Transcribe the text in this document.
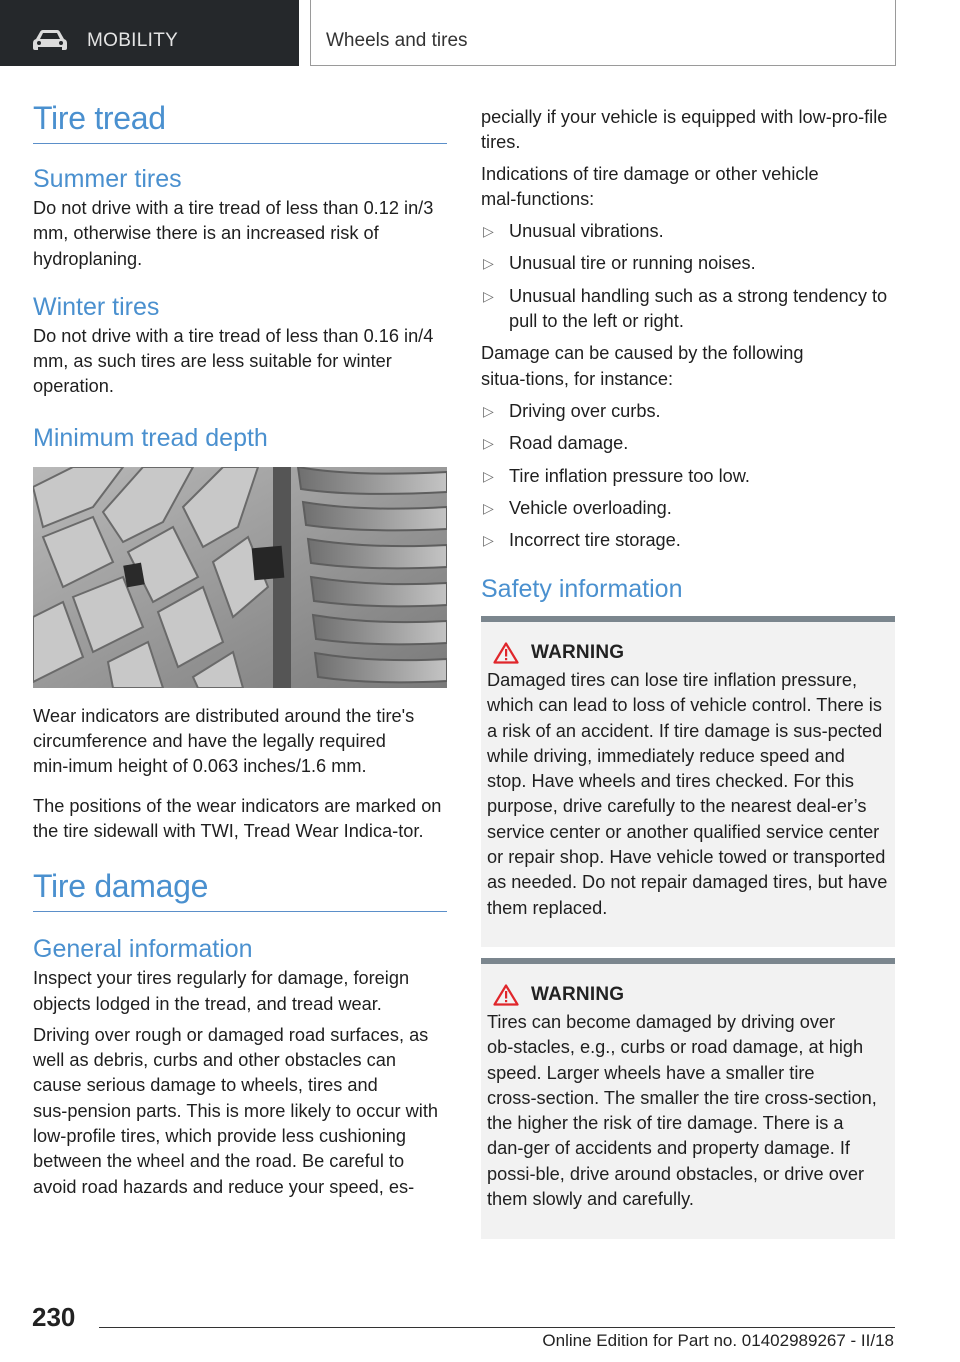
MOBILITY	Wheels and tires
Tire tread
Summer tires

Do not drive with a tire tread of less than 0.12 in/3 mm, otherwise there is an increased risk of hydroplaning.

Winter tires

Do not drive with a tire tread of less than 0.16 in/4 mm, as such tires are less suitable for winter operation.

Minimum tread depth

Wear indicators are distributed around the tire's circumference and have the legally required min‑imum height of 0.063 inches/1.6 mm.

The positions of the wear indicators are marked on the tire sidewall with TWI, Tread Wear Indica‑tor.

Tire damage
General information

Inspect your tires regularly for damage, foreign objects lodged in the tread, and tread wear.

Driving over rough or damaged road surfaces, as well as debris, curbs and other obstacles can cause serious damage to wheels, tires and sus‑pension parts. This is more likely to occur with low‑profile tires, which provide less cushioning between the wheel and the road. Be careful to avoid road hazards and reduce your speed, es‑

pecially if your vehicle is equipped with low‑pro‑file tires.

Indications of tire damage or other vehicle mal‑functions:

▷ Unusual vibrations.
▷ Unusual tire or running noises.
▷ Unusual handling such as a strong tendency to pull to the left or right.

Damage can be caused by the following situa‑tions, for instance:

▷ Driving over curbs.
▷ Road damage.
▷ Tire inflation pressure too low.
▷ Vehicle overloading.
▷ Incorrect tire storage.
Safety information
WARNING

Damaged tires can lose tire inflation pressure, which can lead to loss of vehicle control. There is a risk of an accident. If tire damage is sus‑pected while driving, immediately reduce speed and stop. Have wheels and tires checked. For this purpose, drive carefully to the nearest deal‑er’s service center or another qualified service center or repair shop. Have vehicle towed or transported as needed. Do not repair damaged tires, but have them replaced.

WARNING

Tires can become damaged by driving over ob‑stacles, e.g., curbs or road damage, at high speed. Larger wheels have a smaller tire cross‑section. The smaller the tire cross‑section, the higher the risk of tire damage. There is a dan‑ger of accidents and property damage. If possi‑ble, drive around obstacles, or drive over them slowly and carefully.

230
Online Edition for Part no. 01402989267 - II/18
